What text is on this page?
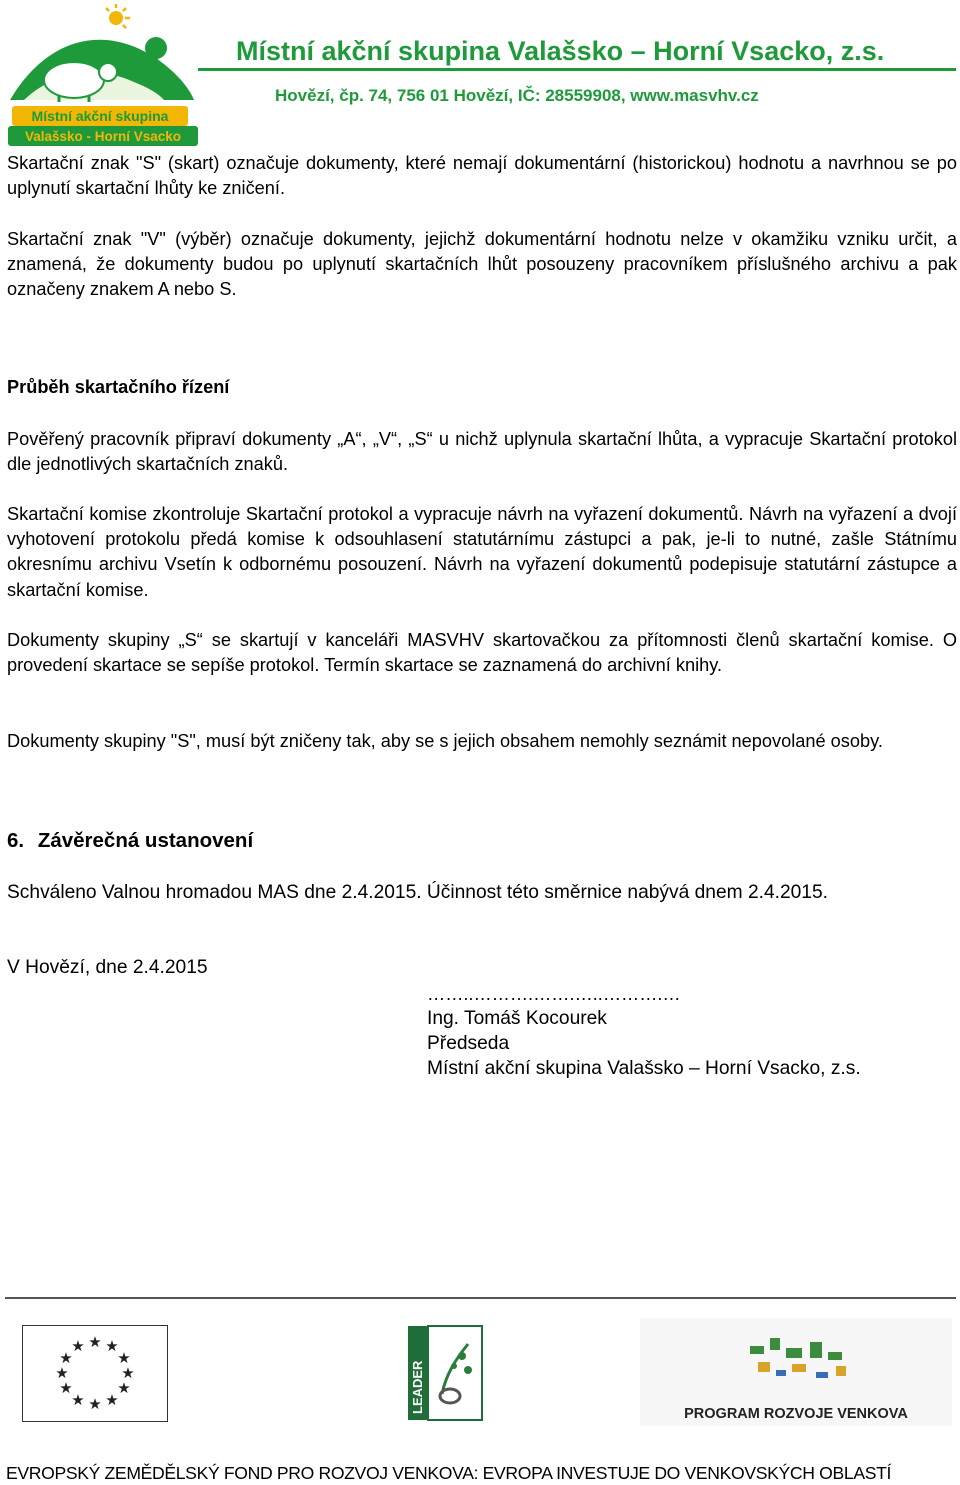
Místní akční skupina
Valašsko - Horní Vsacko
Místní akční skupina Valašsko – Horní Vsacko, z.s.
Hovězí, čp. 74, 756 01 Hovězí, IČ: 28559908, www.masvhv.cz
Skartační znak "S" (skart) označuje dokumenty, které nemají dokumentární (historickou) hodnotu a navrhnou se po uplynutí skartační lhůty ke zničení.
Skartační znak "V" (výběr) označuje dokumenty, jejichž dokumentární hodnotu nelze v okamžiku vzniku určit, a znamená, že dokumenty budou po uplynutí skartačních lhůt posouzeny pracovníkem příslušného archivu a pak označeny znakem A nebo S.
Průběh skartačního řízení
Pověřený pracovník připraví dokumenty „A“, „V“, „S“ u nichž uplynula skartační lhůta, a vypracuje Skartační protokol dle jednotlivých skartačních znaků.
Skartační komise zkontroluje Skartační protokol a vypracuje návrh na vyřazení dokumentů. Návrh na vyřazení a dvojí vyhotovení protokolu předá komise k odsouhlasení statutárnímu zástupci a pak, je-li to nutné, zašle Státnímu okresnímu archivu Vsetín k odbornému posouzení. Návrh na vyřazení dokumentů podepisuje statutární zástupce a skartační komise.
Dokumenty skupiny „S“ se skartují v kanceláři MASVHV skartovačkou za přítomnosti členů skartační komise. O provedení skartace se sepíše protokol. Termín skartace se zaznamená do archivní knihy.
Dokumenty skupiny "S", musí být zničeny tak, aby se s jejich obsahem nemohly seznámit nepovolané osoby.
6. Závěrečná ustanovení
Schváleno Valnou hromadou MAS dne 2.4.2015. Účinnost této směrnice nabývá dnem 2.4.2015.
V Hovězí, dne 2.4.2015
……..……….…….…..……….…
Ing. Tomáš Kocourek
Předseda
Místní akční skupina Valašsko – Horní Vsacko, z.s.
★ ★
★
★
★
★
★
★
★
★
★
★
LEADER	PROGRAM ROZVOJE VENKOVA
EVROPSKÝ ZEMĚDĚLSKÝ FOND PRO ROZVOJ VENKOVA: EVROPA INVESTUJE DO VENKOVSKÝCH OBLASTÍ
